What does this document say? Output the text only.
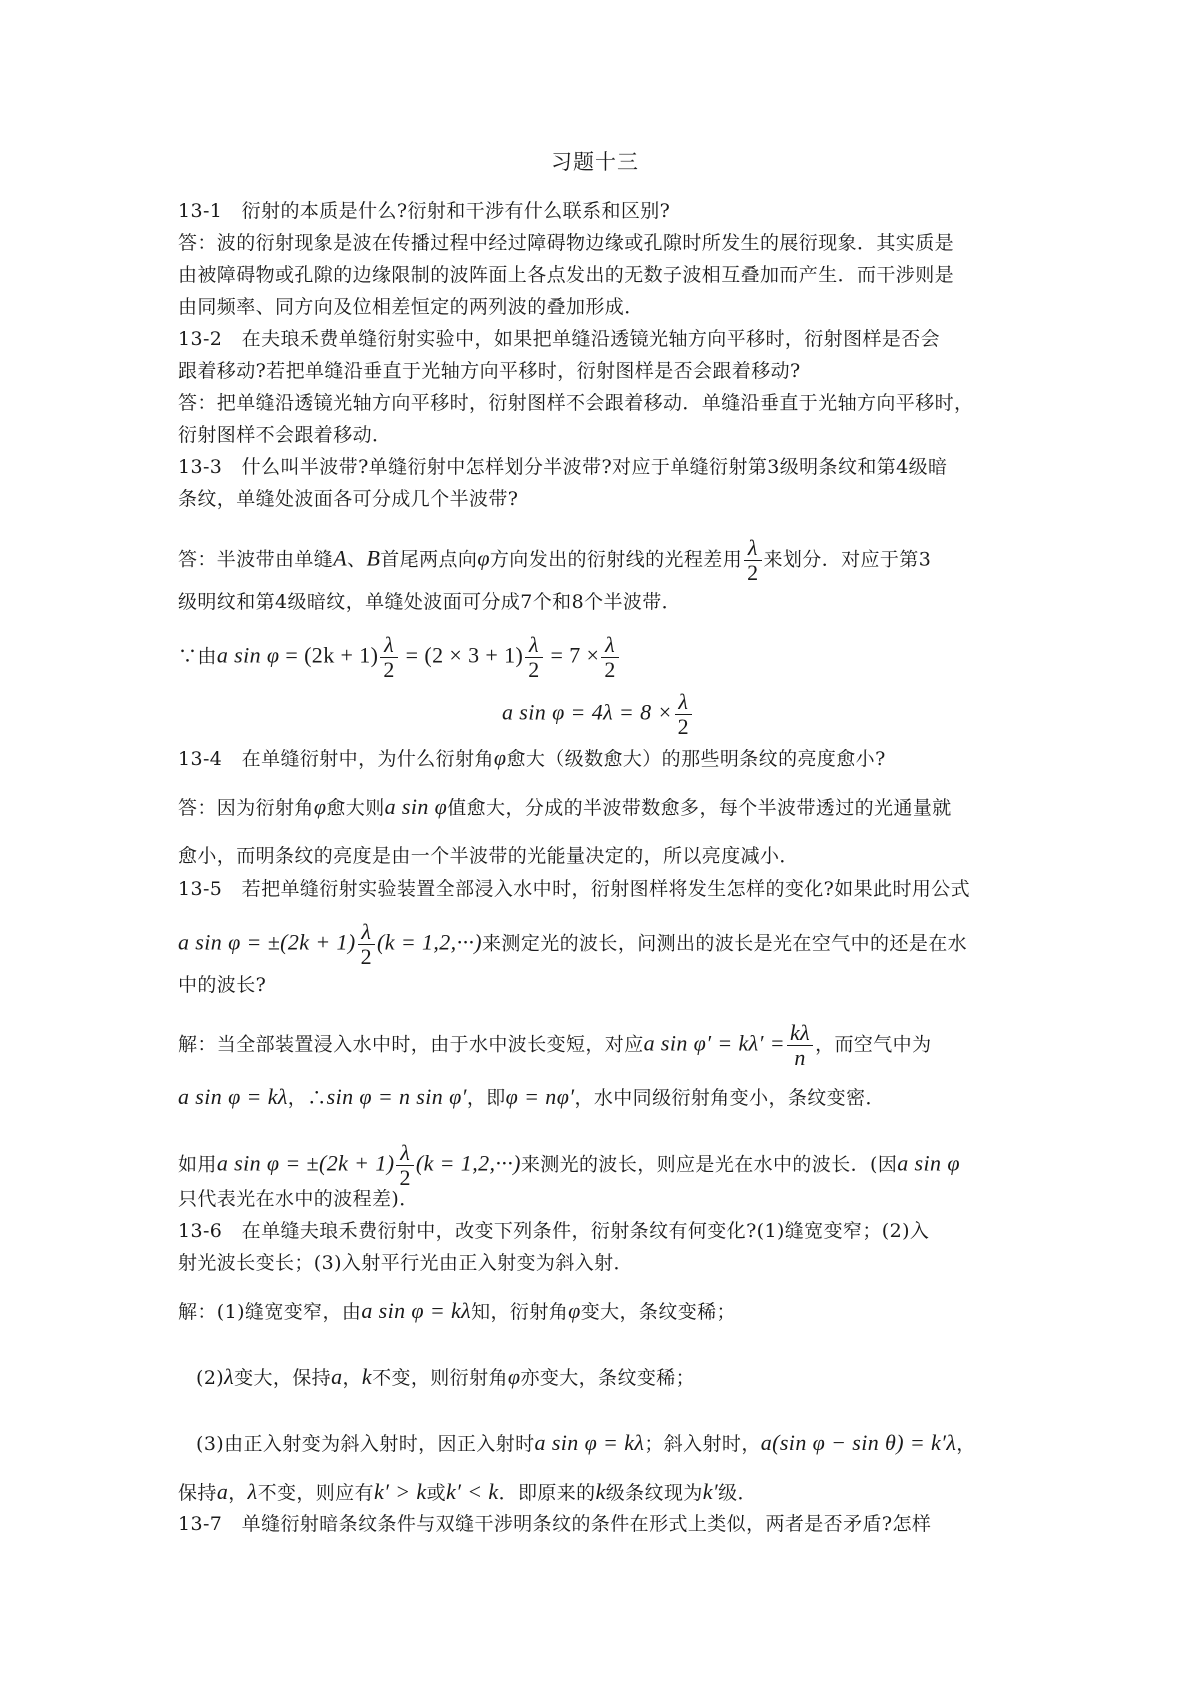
习题十三
13-1　衍射的本质是什么?衍射和干涉有什么联系和区别?
答：波的衍射现象是波在传播过程中经过障碍物边缘或孔隙时所发生的展衍现象．其实质是
由被障碍物或孔隙的边缘限制的波阵面上各点发出的无数子波相互叠加而产生．而干涉则是
由同频率、同方向及位相差恒定的两列波的叠加形成．
13-2　在夫琅禾费单缝衍射实验中，如果把单缝沿透镜光轴方向平移时，衍射图样是否会
跟着移动?若把单缝沿垂直于光轴方向平移时，衍射图样是否会跟着移动?
答：把单缝沿透镜光轴方向平移时，衍射图样不会跟着移动．单缝沿垂直于光轴方向平移时，
衍射图样不会跟着移动．
13-3　什么叫半波带?单缝衍射中怎样划分半波带?对应于单缝衍射第3级明条纹和第4级暗
条纹，单缝处波面各可分成几个半波带?
答：半波带由单缝A、B首尾两点向φ方向发出的衍射线的光程差用 $\frac{\lambda}{2}$ 来划分．对应于第3
级明纹和第4级暗纹，单缝处波面可分成7个和8个半波带．
∵由a $\sin \varphi = (2k + 1) \frac{\lambda}{2} = (2 \times 3 + 1) \frac{\lambda}{2} = 7 \times \frac{\lambda}{2}$
a $\sin \varphi = 4\lambda = 8 \times \frac{\lambda}{2}$
13-4　在单缝衍射中，为什么衍射角φ愈大（级数愈大）的那些明条纹的亮度愈小?
答：因为衍射角φ愈大则a sin φ值愈大，分成的半波带数愈多，每个半波带透过的光通量就
愈小，而明条纹的亮度是由一个半波带的光能量决定的，所以亮度减小．
13-5　若把单缝衍射实验装置全部浸入水中时，衍射图样将发生怎样的变化?如果此时用公式
a $\sin \varphi = \pm(2k + 1) \frac{\lambda}{2} (k = 1,2,\cdot\cdot\cdot)$来测定光的波长，问测出的波长是光在空气中的还是在水
中的波长?
解：当全部装置浸入水中时，由于水中波长变短，对应a $\sin \varphi' = k\lambda' = \frac{k\lambda}{n}$ ，而空气中为
a sin φ = kλ，∴sin φ = n sin φ′，即φ = nφ′，水中同级衍射角变小，条纹变密．
如用a $\sin \varphi = \pm(2k + 1) \frac{\lambda}{2} (k = 1,2,\cdot\cdot\cdot)$来测光的波长，则应是光在水中的波长．(因a sin φ
只代表光在水中的波程差)．
13-6　在单缝夫琅禾费衍射中，改变下列条件，衍射条纹有何变化?(1)缝宽变窄；(2)入
射光波长变长；(3)入射平行光由正入射变为斜入射．
解：(1)缝宽变窄，由a sin φ = kλ知，衍射角φ变大，条纹变稀；
(2)λ变大，保持a，k不变，则衍射角φ亦变大，条纹变稀；
(3)由正入射变为斜入射时，因正入射时a sin φ = kλ；斜入射时，a(sin φ − sin θ) = k′λ，
保持a，λ不变，则应有k′ > k或k′ < k．即原来的k级条纹现为k′级．
13-7　单缝衍射暗条纹条件与双缝干涉明条纹的条件在形式上类似，两者是否矛盾?怎样
